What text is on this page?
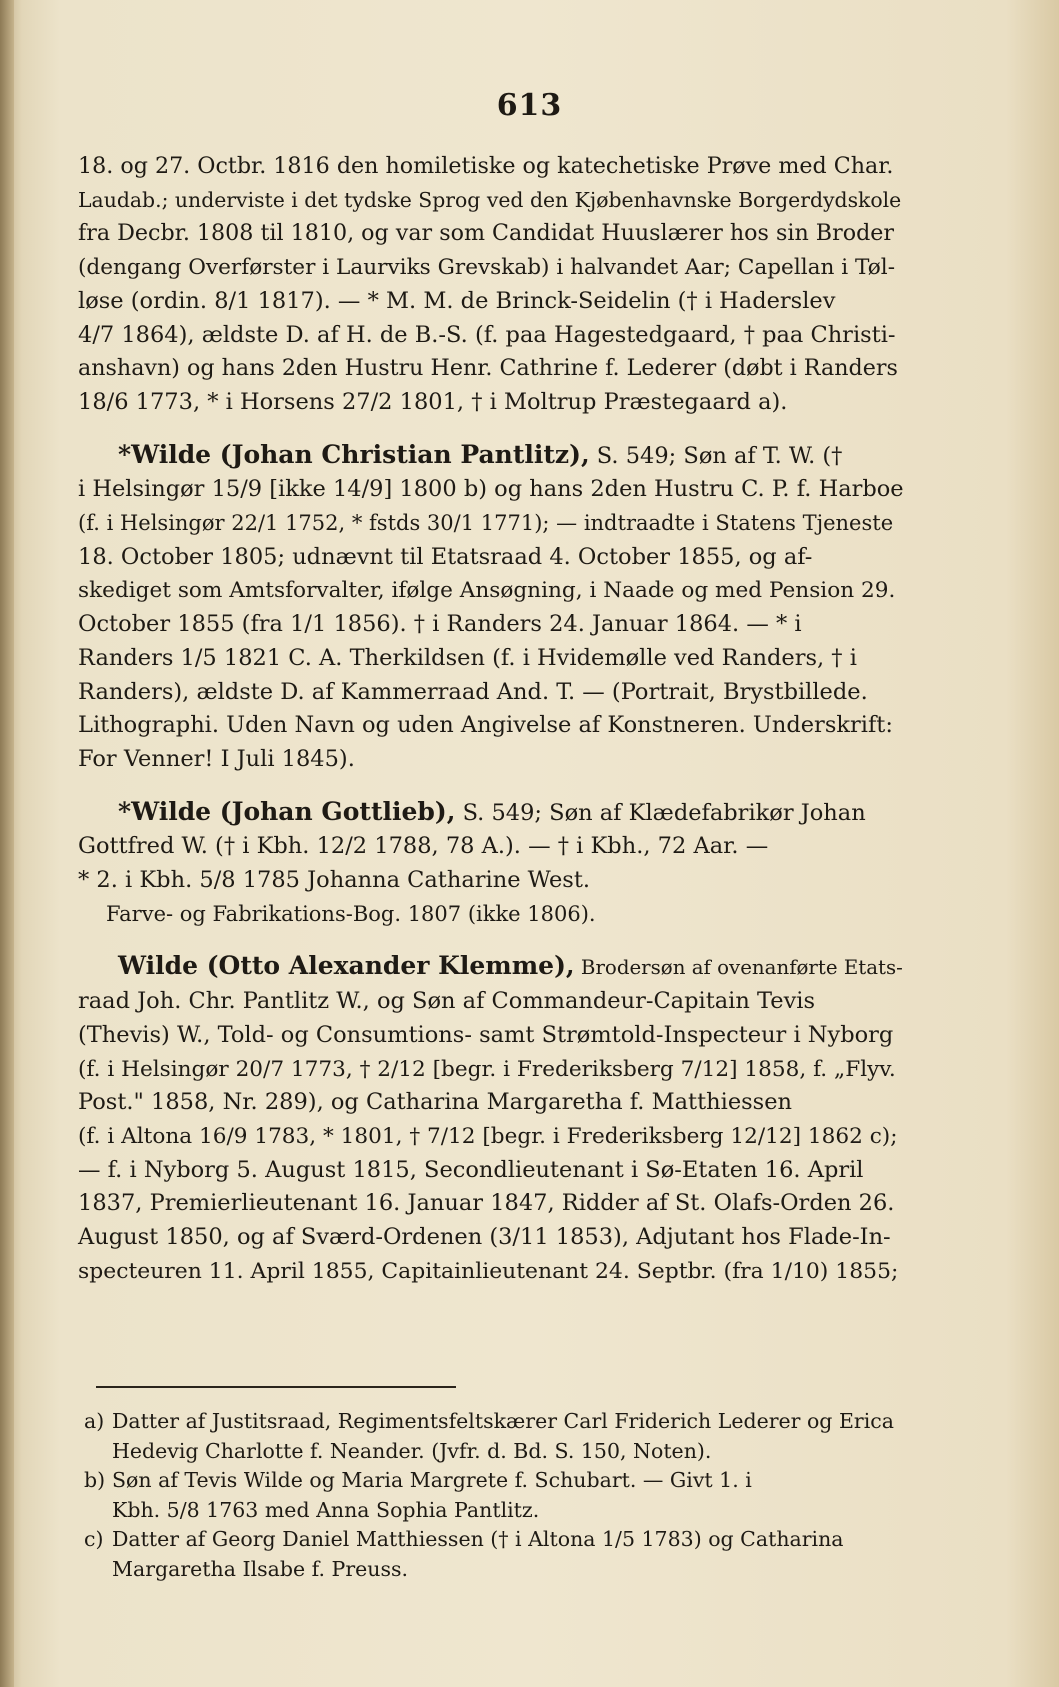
613

18. og 27. Octbr. 1816 den homiletiske og katechetiske Prøve med Char.
Laudab.; underviste i det tydske Sprog ved den Kjøbenhavnske Borgerdydskole
fra Decbr. 1808 til 1810, og var som Candidat Huuslærer hos sin Broder
(dengang Overførster i Laurviks Grevskab) i halvandet Aar; Capellan i Tøl-
løse (ordin. 8/1 1817). — * M. M. de Brinck-Seidelin († i Haderslev
4/7 1864), ældste D. af H. de B.-S. (f. paa Hagestedgaard, † paa Christi-
anshavn) og hans 2den Hustru Henr. Cathrine f. Lederer (døbt i Randers
18/6 1773, * i Horsens 27/2 1801, † i Moltrup Præstegaard a).

*Wilde (Johan Christian Pantlitz), S. 549; Søn af T. W. (†
i Helsingør 15/9 [ikke 14/9] 1800 b) og hans 2den Hustru C. P. f. Harboe
(f. i Helsingør 22/1 1752, * fstds 30/1 1771); — indtraadte i Statens Tjeneste
18. October 1805; udnævnt til Etatsraad 4. October 1855, og af-
skediget som Amtsforvalter, ifølge Ansøgning, i Naade og med Pension 29.
October 1855 (fra 1/1 1856). † i Randers 24. Januar 1864. — * i
Randers 1/5 1821 C. A. Therkildsen (f. i Hvidemølle ved Randers, † i
Randers), ældste D. af Kammerraad And. T. — (Portrait, Brystbillede.
Lithographi. Uden Navn og uden Angivelse af Konstneren. Underskrift:
For Venner! I Juli 1845).

*Wilde (Johan Gottlieb), S. 549; Søn af Klædefabrikør Johan
Gottfred W. († i Kbh. 12/2 1788, 78 A.). — † i Kbh., 72 Aar. —
* 2. i Kbh. 5/8 1785 Johanna Catharine West.
Farve- og Fabrikations-Bog. 1807 (ikke 1806).

Wilde (Otto Alexander Klemme), Brodersøn af ovenanførte Etats-
raad Joh. Chr. Pantlitz W., og Søn af Commandeur-Capitain Tevis
(Thevis) W., Told- og Consumtions- samt Strømtold-Inspecteur i Nyborg
(f. i Helsingør 20/7 1773, † 2/12 [begr. i Frederiksberg 7/12] 1858, f. „Flyv.
Post." 1858, Nr. 289), og Catharina Margaretha f. Matthiessen
(f. i Altona 16/9 1783, * 1801, † 7/12 [begr. i Frederiksberg 12/12] 1862 c);
— f. i Nyborg 5. August 1815, Secondlieutenant i Sø-Etaten 16. April
1837, Premierlieutenant 16. Januar 1847, Ridder af St. Olafs-Orden 26.
August 1850, og af Sværd-Ordenen (3/11 1853), Adjutant hos Flade-In-
specteuren 11. April 1855, Capitainlieutenant 24. Septbr. (fra 1/10) 1855;

a) Datter af Justitsraad, Regimentsfeltskærer Carl Friderich Lederer og Erica
Hedevig Charlotte f. Neander. (Jvfr. d. Bd. S. 150, Noten).

b) Søn af Tevis Wilde og Maria Margrete f. Schubart. — Givt 1. i
Kbh. 5/8 1763 med Anna Sophia Pantlitz.

c) Datter af Georg Daniel Matthiessen († i Altona 1/5 1783) og Catharina
Margaretha Ilsabe f. Preuss.
